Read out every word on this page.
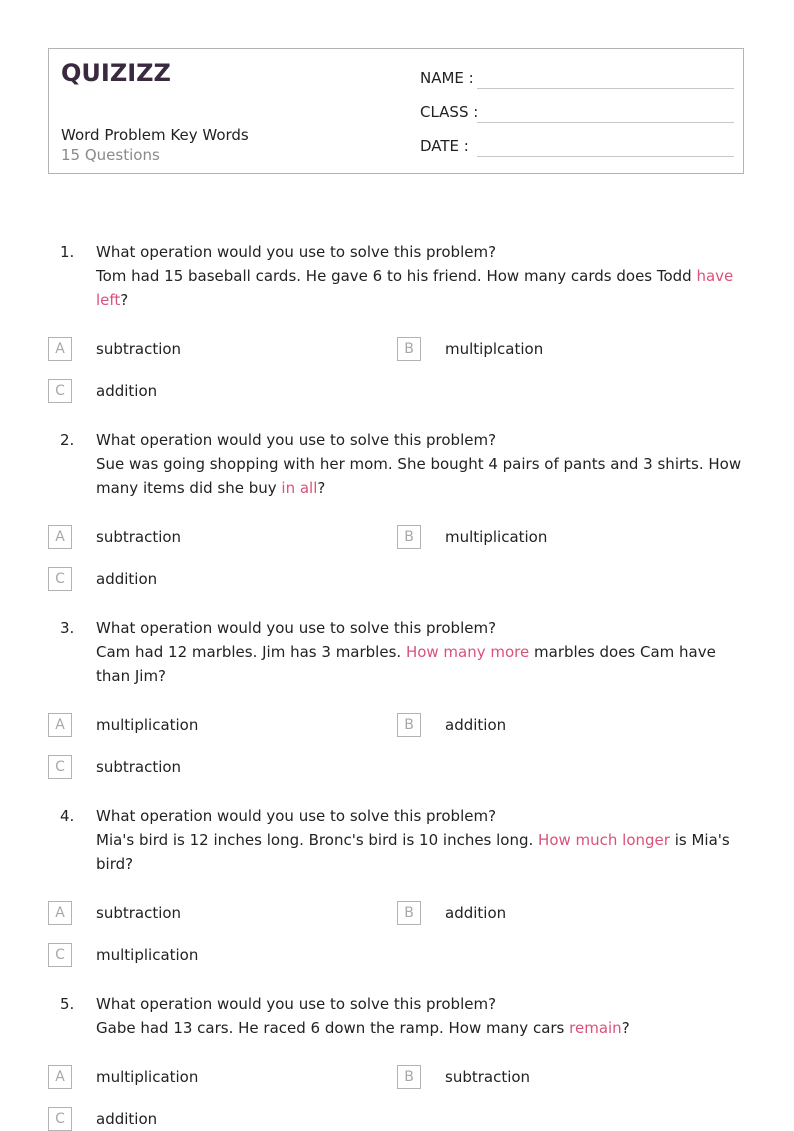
QUIZIZZ
Word Problem Key Words
15 Questions
NAME :
CLASS :
DATE :
1. What operation would you use to solve this problem?
Tom had 15 baseball cards. He gave 6 to his friend. How many cards does Todd have left?
A	subtraction	B	multiplcation
C	addition
2. What operation would you use to solve this problem?
Sue was going shopping with her mom. She bought 4 pairs of pants and 3 shirts. How many items did she buy in all?
A	subtraction	B	multiplication
C	addition
3. What operation would you use to solve this problem?
Cam had 12 marbles. Jim has 3 marbles. How many more marbles does Cam have than Jim?
A	multiplication	B	addition
C	subtraction
4. What operation would you use to solve this problem?
Mia's bird is 12 inches long. Bronc's bird is 10 inches long. How much longer is Mia's bird?
A	subtraction	B	addition
C	multiplication
5. What operation would you use to solve this problem?
Gabe had 13 cars. He raced 6 down the ramp. How many cars remain?
A	multiplication	B	subtraction
C	addition
